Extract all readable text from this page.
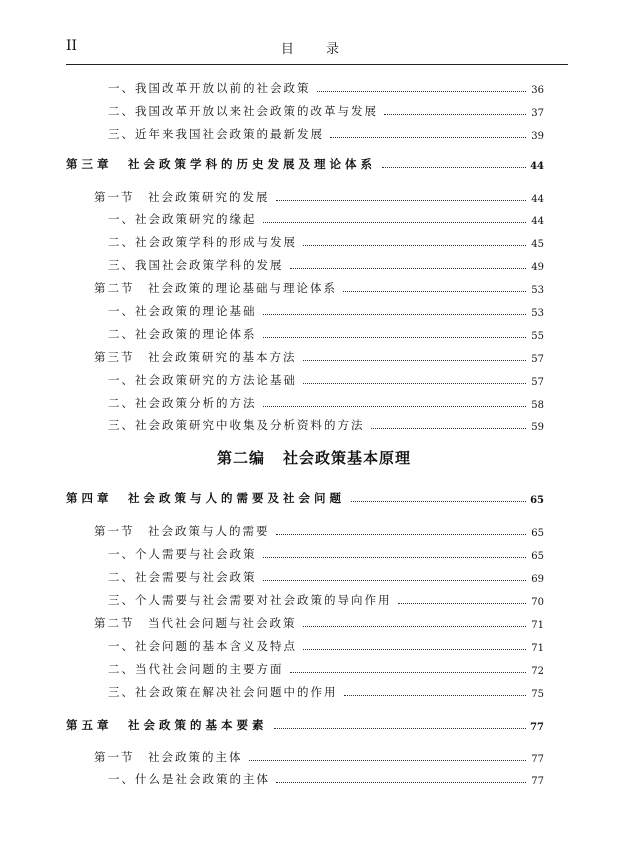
II	目 录
一、我国改革开放以前的社会政策	36
二、我国改革开放以来社会政策的改革与发展	37
三、近年来我国社会政策的最新发展	39
第三章　社会政策学科的历史发展及理论体系	44
第一节　社会政策研究的发展	44
一、社会政策研究的缘起	44
二、社会政策学科的形成与发展	45
三、我国社会政策学科的发展	49
第二节　社会政策的理论基础与理论体系	53
一、社会政策的理论基础	53
二、社会政策的理论体系	55
第三节　社会政策研究的基本方法	57
一、社会政策研究的方法论基础	57
二、社会政策分析的方法	58
三、社会政策研究中收集及分析资料的方法	59
第二编 社会政策基本原理
第四章　社会政策与人的需要及社会问题	65
第一节　社会政策与人的需要	65
一、个人需要与社会政策	65
二、社会需要与社会政策	69
三、个人需要与社会需要对社会政策的导向作用	70
第二节　当代社会问题与社会政策	71
一、社会问题的基本含义及特点	71
二、当代社会问题的主要方面	72
三、社会政策在解决社会问题中的作用	75
第五章　社会政策的基本要素	77
第一节　社会政策的主体	77
一、什么是社会政策的主体	77
